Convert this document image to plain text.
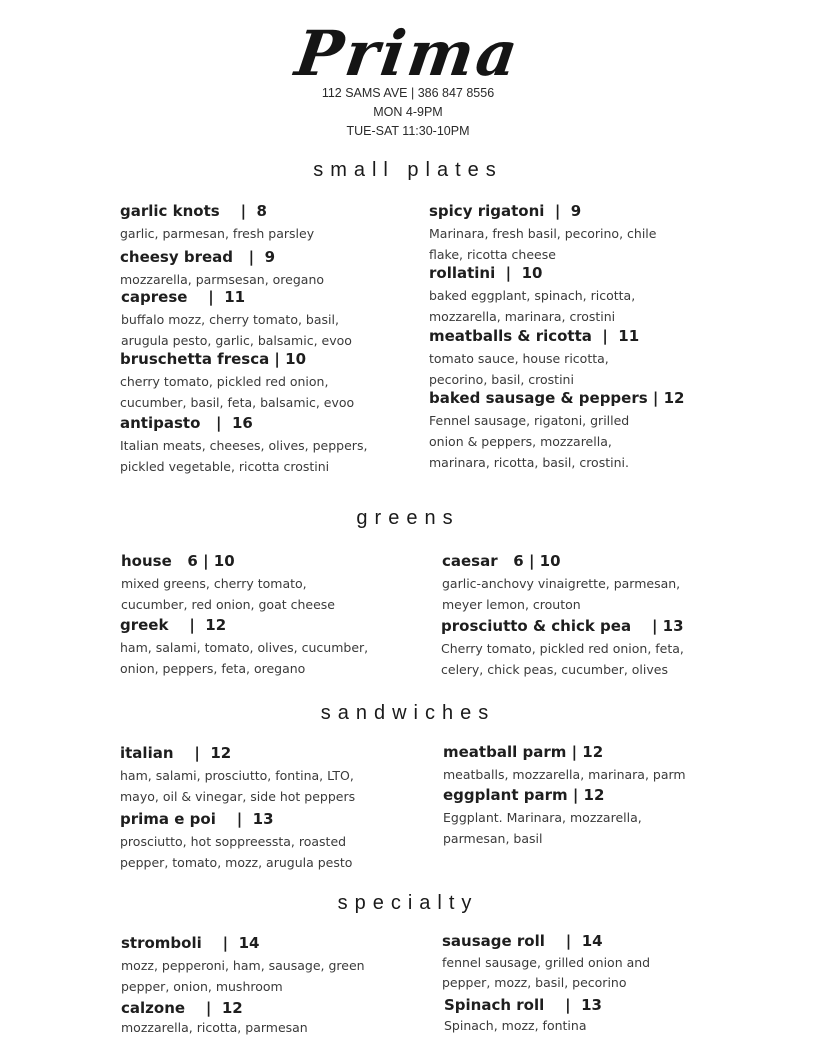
Prima
112 SAMS AVE | 386 847 8556
MON 4-9PM
TUE-SAT 11:30-10PM
small plates
garlic knots    |  8
garlic, parmesan, fresh parsley
cheesy bread   |  9
mozzarella, parmsesan, oregano
caprese    |  11
buffalo mozz, cherry tomato, basil, arugula pesto, garlic, balsamic, evoo
bruschetta fresca | 10
cherry tomato, pickled red onion, cucumber, basil, feta, balsamic, evoo
antipasto   |  16
Italian meats, cheeses, olives, peppers, pickled vegetable, ricotta crostini
spicy rigatoni  |  9
Marinara, fresh basil, pecorino, chile flake, ricotta cheese
rollatini  |  10
baked eggplant, spinach, ricotta, mozzarella, marinara, crostini
meatballs & ricotta  |  11
tomato sauce, house ricotta, pecorino, basil, crostini
baked sausage & peppers | 12
Fennel sausage, rigatoni, grilled onion & peppers, mozzarella, marinara, ricotta, basil, crostini.
greens
house   6 | 10
mixed greens, cherry tomato, cucumber, red onion, goat cheese
greek    |  12
ham, salami, tomato, olives, cucumber, onion, peppers, feta, oregano
caesar   6 | 10
garlic-anchovy vinaigrette, parmesan, meyer lemon, crouton
prosciutto & chick pea    | 13
Cherry tomato, pickled red onion, feta, celery, chick peas, cucumber, olives
sandwiches
italian    |  12
ham, salami, prosciutto, fontina, LTO, mayo, oil & vinegar, side hot peppers
prima e poi    |  13
prosciutto, hot soppreessta, roasted pepper, tomato, mozz, arugula pesto
meatball parm | 12
meatballs, mozzarella, marinara, parm
eggplant parm | 12
Eggplant. Marinara, mozzarella, parmesan, basil
specialty
stromboli    |  14
mozz, pepperoni, ham, sausage, green pepper, onion, mushroom
calzone    |  12
mozzarella, ricotta, parmesan
sausage roll    |  14
fennel sausage, grilled onion and pepper, mozz, basil, pecorino
Spinach roll    |  13
Spinach, mozz, fontina
